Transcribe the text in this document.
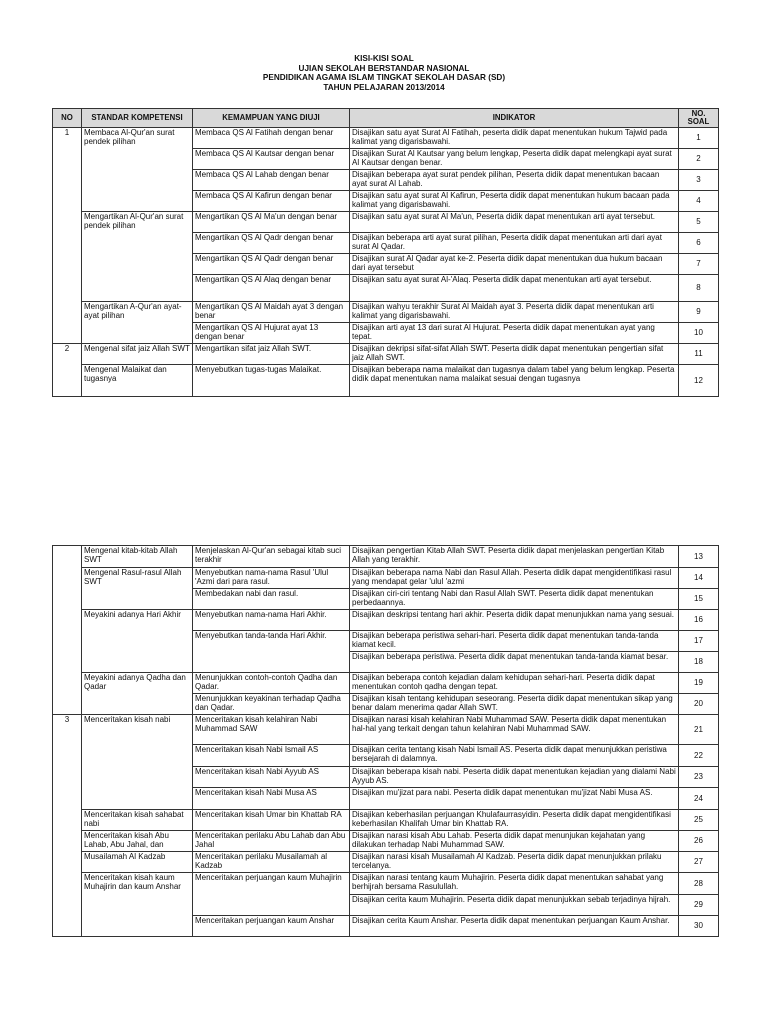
KISI-KISI SOAL
UJIAN SEKOLAH BERSTANDAR NASIONAL
PENDIDIKAN AGAMA ISLAM TINGKAT SEKOLAH DASAR (SD)
TAHUN PELAJARAN 2013/2014
NO	STANDAR KOMPETENSI	KEMAMPUAN YANG DIUJI	INDIKATOR	NO. SOAL
1	Membaca Al-Qur'an surat pendek pilihan	Membaca QS Al Fatihah dengan benar	Disajikan satu ayat Surat Al Fatihah, peserta didik dapat menentukan hukum Tajwid pada kalimat yang digarisbawahi.	1
		Membaca QS Al Kautsar dengan benar	Disajikan Surat Al Kautsar yang belum lengkap, Peserta didik dapat melengkapi ayat surat Al Kautsar dengan benar.	2
		Membaca QS Al Lahab dengan benar	Disajikan beberapa ayat surat pendek pilihan, Peserta didik dapat menentukan bacaan ayat surat Al Lahab.	3
		Membaca QS Al Kafirun dengan benar	Disajikan satu ayat surat Al Kafirun, Peserta didik dapat menentukan hukum bacaan pada kalimat yang digarisbawahi.	4
	Mengartikan Al-Qur'an surat pendek pilihan	Mengartikan QS Al Ma'un dengan benar	Disajikan satu ayat surat Al Ma'un, Peserta didik dapat menentukan arti ayat tersebut.	5
		Mengartikan QS Al Qadr dengan benar	Disajikan beberapa arti ayat surat pilihan, Peserta didik dapat menentukan arti dari ayat surat Al Qadar.	6
		Mengartikan QS Al Qadr dengan benar	Disajikan surat Al Qadar ayat ke-2. Peserta didik dapat menentukan dua hukum bacaan dari ayat tersebut	7
		Mengartikan QS Al Alaq dengan benar	Disajikan satu ayat surat Al-'Alaq. Peserta didik dapat menentukan arti ayat tersebut.	8
	Mengartikan A-Qur'an ayat-ayat pilihan	Mengartikan QS Al Maidah ayat 3 dengan benar	Disajikan wahyu terakhir Surat Al Maidah ayat 3. Peserta didik dapat menentukan arti kalimat yang digarisbawahi.	9
		Mengartikan QS Al Hujurat ayat 13 dengan benar	Disajikan arti ayat 13 dari surat Al Hujurat. Peserta didik dapat menentukan ayat yang tepat.	10
2	Mengenal sifat jaiz Allah SWT	Mengartikan sifat jaiz Allah SWT.	Disajikan dekripsi sifat-sifat Allah SWT. Peserta didik dapat menentukan pengertian sifat jaiz Allah SWT.	11
	Mengenal Malaikat dan tugasnya	Menyebutkan tugas-tugas Malaikat.	Disajikan beberapa nama malaikat dan tugasnya dalam tabel yang belum lengkap. Peserta didik dapat menentukan nama malaikat sesuai dengan tugasnya	12
	Mengenal kitab-kitab Allah SWT	Menjelaskan Al-Qur'an sebagai kitab suci terakhir	Disajikan pengertian Kitab Allah SWT. Peserta didik dapat menjelaskan pengertian Kitab Allah yang terakhir.	13
	Mengenal Rasul-rasul Allah SWT	Menyebutkan nama-nama Rasul 'Ulul 'Azmi dari para rasul.	Disajikan beberapa nama Nabi dan Rasul Allah. Peserta didik dapat mengidentifikasi rasul yang mendapat gelar 'ulul 'azmi	14
		Membedakan nabi dan rasul.	Disajikan ciri-ciri tentang Nabi dan Rasul Allah SWT. Peserta didik dapat menentukan perbedaannya.	15
	Meyakini adanya Hari Akhir	Menyebutkan nama-nama Hari Akhir.	Disajikan deskripsi tentang hari akhir. Peserta didik dapat menunjukkan nama yang sesuai.	16
		Menyebutkan tanda-tanda Hari Akhir.	Disajikan beberapa peristiwa sehari-hari. Peserta didik dapat menentukan tanda-tanda kiamat kecil.	17
			Disajikan beberapa peristiwa. Peserta didik dapat menentukan tanda-tanda kiamat besar.	18
	Meyakini adanya Qadha dan Qadar	Menunjukkan contoh-contoh Qadha dan Qadar.	Disajikan beberapa contoh kejadian dalam kehidupan sehari-hari. Peserta didik dapat menentukan contoh qadha dengan tepat.	19
		Menunjukkan keyakinan terhadap Qadha dan Qadar.	Disajikan kisah tentang kehidupan seseorang. Peserta didik dapat menentukan sikap yang benar dalam menerima qadar Allah SWT.	20
3	Menceritakan kisah nabi	Menceritakan kisah kelahiran Nabi Muhammad SAW	Disajikan narasi kisah kelahiran Nabi Muhammad SAW. Peserta didik dapat menentukan hal-hal yang terkait dengan tahun kelahiran Nabi Muhammad SAW.	21
		Menceritakan kisah Nabi Ismail AS	Disajikan cerita tentang kisah Nabi Ismail AS. Peserta didik dapat menunjukkan peristiwa bersejarah di dalamnya.	22
		Menceritakan kisah Nabi Ayyub AS	Disajikan beberapa kisah nabi. Peserta didik dapat menentukan kejadian yang dialami Nabi Ayyub AS.	23
		Menceritakan kisah Nabi Musa AS	Disajikan mu'jizat para nabi. Peserta didik dapat menentukan mu'jizat Nabi Musa AS.	24
	Menceritakan kisah sahabat nabi	Menceritakan kisah Umar bin Khattab RA	Disajikan keberhasilan perjuangan Khulafaurrasyidin. Peserta didik dapat mengidentifikasi keberhasilan Khalifah Umar bin Khattab RA.	25
	Menceritakan kisah Abu Lahab, Abu Jahal, dan	Menceritakan perilaku Abu Lahab dan Abu Jahal	Disajikan narasi kisah Abu Lahab. Peserta didik dapat menunjukan kejahatan yang dilakukan terhadap Nabi Muhammad SAW.	26
	Musailamah Al Kadzab	Menceritakan perilaku Musailamah al Kadzab	Disajikan narasi kisah Musailamah Al Kadzab. Peserta didik dapat menunjukkan prilaku tercelanya.	27
	Menceritakan kisah kaum Muhajirin dan kaum Anshar	Menceritakan perjuangan kaum Muhajirin	Disajikan narasi tentang kaum Muhajirin. Peserta didik dapat menentukan sahabat yang berhijrah bersama Rasulullah.	28
			Disajikan cerita kaum Muhajirin. Peserta didik dapat menunjukkan sebab terjadinya hijrah.	29
		Menceritakan perjuangan kaum Anshar	Disajikan cerita Kaum Anshar. Peserta didik dapat menentukan perjuangan Kaum Anshar.	30
